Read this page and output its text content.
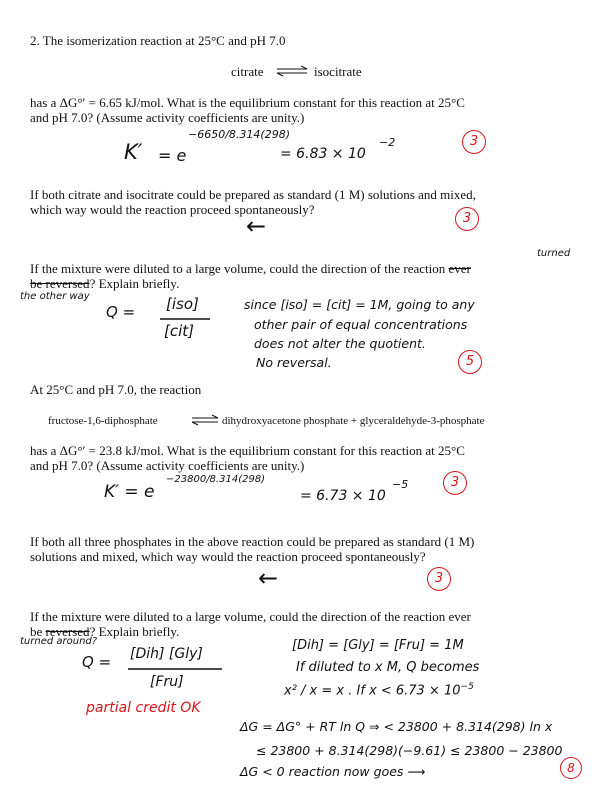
2. The isomerization reaction at 25°C and pH 7.0
citrate ⇌ isocitrate
has a ΔG°′ = 6.65 kJ/mol. What is the equilibrium constant for this reaction at 25°C
and pH 7.0? (Assume activity coefficients are unity.)
K′ = e
−6650/8.314(298)
= 6.83 × 10
−2	3
If both citrate and isocitrate could be prepared as standard (1 M) solutions and mixed,
which way would the reaction proceed spontaneously?
←	3
turned
If the mixture were diluted to a large volume, could the direction of the reaction ever
be reversed? Explain briefly.
the other way
Q = [iso]
[cit]
since [iso] = [cit] = 1M, going to any
other pair of equal concentrations
does not alter the quotient.
No reversal.	5
At 25°C and pH 7.0, the reaction
fructose-1,6-diphosphate ⇌ dihydroxyacetone phosphate + glyceraldehyde-3-phosphate
has a ΔG°′ = 23.8 kJ/mol. What is the equilibrium constant for this reaction at 25°C
and pH 7.0? (Assume activity coefficients are unity.)
K′ = e
−23800/8.314(298)
= 6.73 × 10
−5	3
If both all three phosphates in the above reaction could be prepared as standard (1 M)
solutions and mixed, which way would the reaction proceed spontaneously?
←	3
If the mixture were diluted to a large volume, could the direction of the reaction ever
be reversed? Explain briefly.
turned around?
Q = [Dih] [Gly]
[Fru]
partial credit OK
[Dih] = [Gly] = [Fru] = 1M
If diluted to x M, Q becomes
x² / x = x . If $x < 6.73 \times 10^{-5}$
ΔG = ΔG° + RT ln Q ⇒ < 23800 + 8.314(298) ln x
≤ 23800 + 8.314(298)(−9.61) ≤ 23800 − 23800
ΔG < 0 reaction now goes ⟶	8
